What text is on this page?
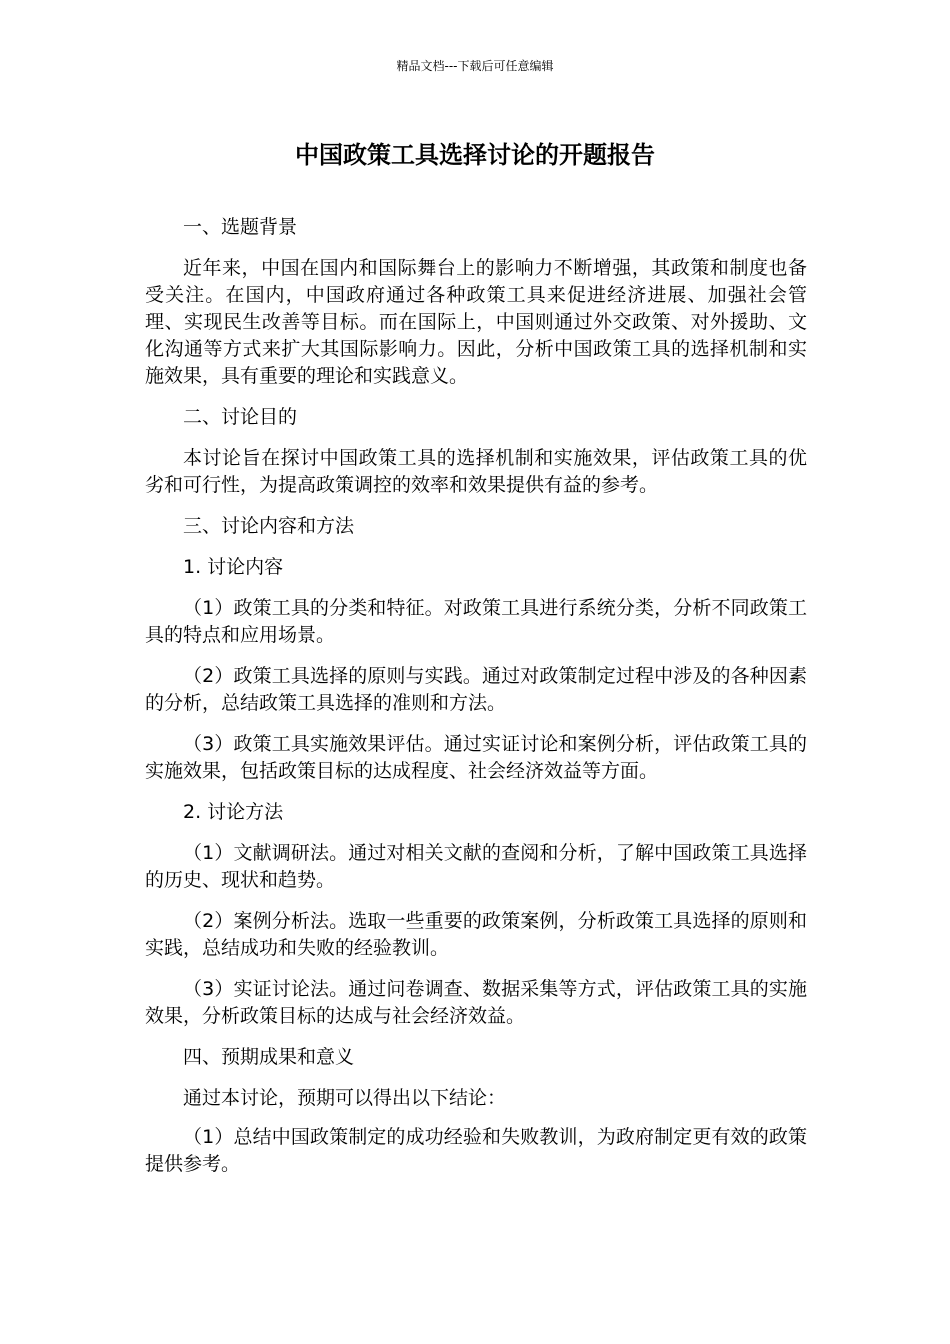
精品文档---下载后可任意编辑
中国政策工具选择讨论的开题报告

一、选题背景

近年来，中国在国内和国际舞台上的影响力不断增强，其政策和制度也备受关注。在国内，中国政府通过各种政策工具来促进经济进展、加强社会管理、实现民生改善等目标。而在国际上，中国则通过外交政策、对外援助、文化沟通等方式来扩大其国际影响力。因此，分析中国政策工具的选择机制和实施效果，具有重要的理论和实践意义。

二、讨论目的

本讨论旨在探讨中国政策工具的选择机制和实施效果，评估政策工具的优劣和可行性，为提高政策调控的效率和效果提供有益的参考。

三、讨论内容和方法

1. 讨论内容

（1）政策工具的分类和特征。对政策工具进行系统分类，分析不同政策工具的特点和应用场景。

（2）政策工具选择的原则与实践。通过对政策制定过程中涉及的各种因素的分析，总结政策工具选择的准则和方法。

（3）政策工具实施效果评估。通过实证讨论和案例分析，评估政策工具的实施效果，包括政策目标的达成程度、社会经济效益等方面。

2. 讨论方法

（1）文献调研法。通过对相关文献的查阅和分析，了解中国政策工具选择的历史、现状和趋势。

（2）案例分析法。选取一些重要的政策案例，分析政策工具选择的原则和实践，总结成功和失败的经验教训。

（3）实证讨论法。通过问卷调查、数据采集等方式，评估政策工具的实施效果，分析政策目标的达成与社会经济效益。

四、预期成果和意义

通过本讨论，预期可以得出以下结论：

（1）总结中国政策制定的成功经验和失败教训，为政府制定更有效的政策提供参考。
